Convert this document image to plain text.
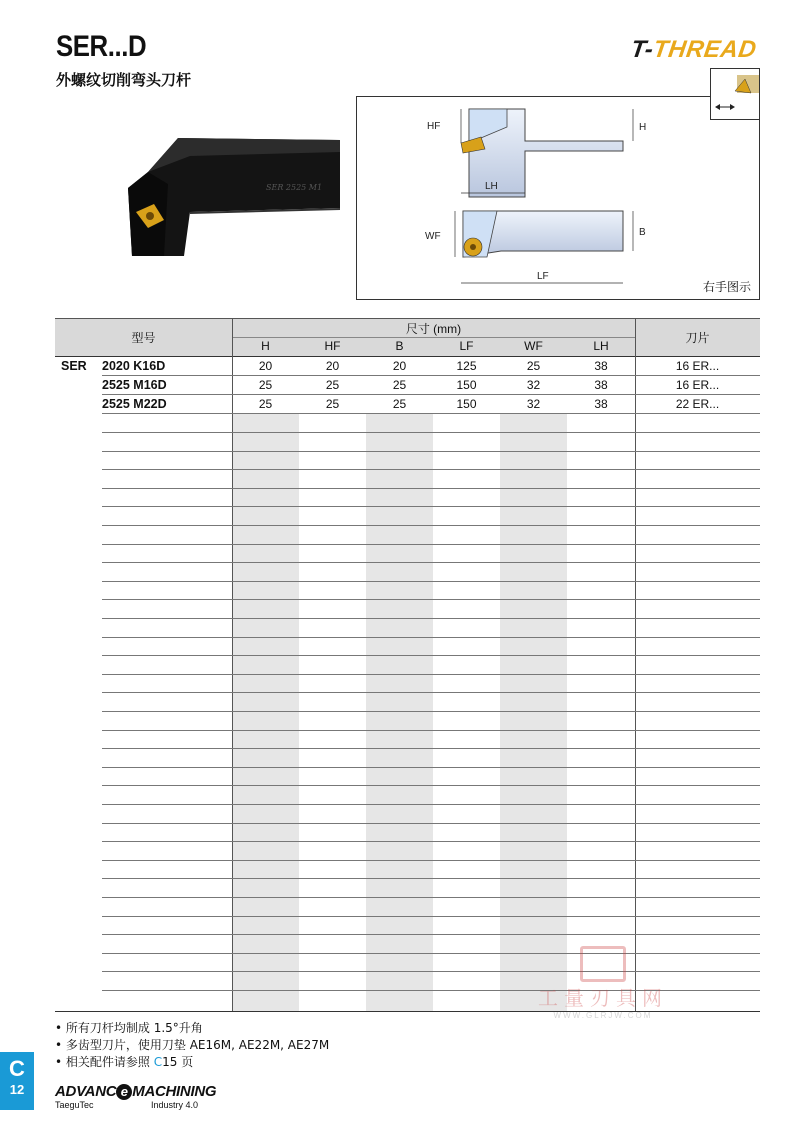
SER...D
外螺纹切削弯头刀杆
T-THREAD
SER 2525 M1
HF	H
LH
WF	B
LF
右手图示
型号
尺寸 (mm)
刀片
H	HF	B	LF	WF	LH
SER 2020 K16D	20	20	20	125	25	38	16 ER...
2525 M16D	25	25	25	150	32	38	16 ER...
2525 M22D	25	25	25	150	32	38	22 ER...
• 所有刀杆均制成 1.5°升角
• 多齿型刀片，使用刀垫 AE16M, AE22M, AE27M
• 相关配件请参照 C15 页
C
12	ADVANC e MACHINING
TaeguTec	Industry 4.0
工量刃具网
WWW.GLRJW.COM
